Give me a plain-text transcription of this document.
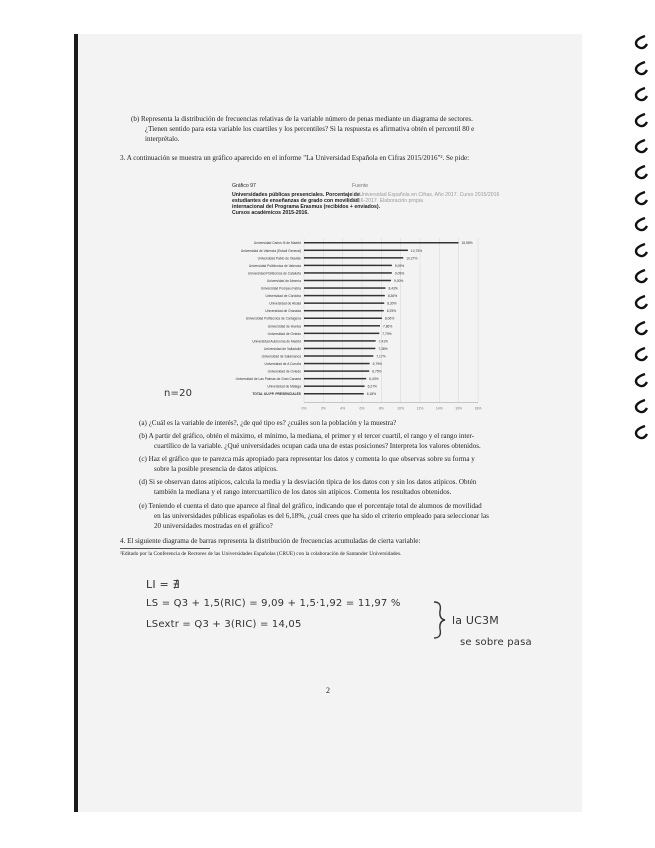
(b) Representa la distribución de frecuencias relativas de la variable número de penas mediante un diagrama de sectores.
¿Tienen sentido para esta variable los cuartiles y los percentiles? Si la respuesta es afirmativa obtén el percentil 80 e
interprétalo.
3. A continuación se muestra un gráfico aparecido en el informe "La Universidad Española en Cifras 2015/2016"². Se pide:
Gráfico 97
Universidades públicas presenciales. Porcentaje de
estudiantes de enseñanzas de grado con movilidad
internacional del Programa Erasmus (recibidos + enviados).
Cursos académicos 2015-2016.
Fuente
La Universidad Española en Cifras. Año 2017. Curso 2015/2016
2016-2017. Elaboración propia
0%	2%	4%	6%	8%	10%	12%	14%	16%	18%
Universidad Carlos III de Madrid	15,98%
Universidad de Valencia (Estudi General)	10,75%
Universidad Pablo de Olavide	10,27%
Universidad Politécnica de Valencia	9,09%
Universidad Politécnica de Cataluña	9,09%
Universidad de Almería	9,00%
Universidad Pompeu Fabra	8,43%
Universidad de Córdoba	8,36%
Universidad de Alcalá	8,30%
Universidad de Granada	8,25%
Universidad Politécnica de Cartagena	8,06%
Universidad de Huelva	7,86%
Universidad de Oviedo	7,79%
Universidad Autónoma de Madrid	7,41%
Universidad de Valladolid	7,38%
Universidad de Salamanca	7,17%
Universidad de A Coruña	6,79%
Universidad de Oviedo	6,75%
Universidad de Las Palmas de Gran Canaria	6,43%
Universidad de Málaga	6,27%
TOTAL UU.PP. PRESENCIALES	6,18%
n=20
(a) ¿Cuál es la variable de interés?, ¿de qué tipo es? ¿cuáles son la población y la muestra?
(b) A partir del gráfico, obtén el máximo, el mínimo, la mediana, el primer y el tercer cuartil, el rango y el rango inter-
cuartílico de la variable. ¿Qué universidades ocupan cada una de estas posiciones? Interpreta los valores obtenidos.
(c) Haz el gráfico que te parezca más apropiado para representar los datos y comenta lo que observas sobre su forma y
sobre la posible presencia de datos atípicos.
(d) Si se observan datos atípicos, calcula la media y la desviación típica de los datos con y sin los datos atípicos. Obtén
también la mediana y el rango intercuartílico de los datos sin atípicos. Comenta los resultados obtenidos.
(e) Teniendo el cuenta el dato que aparece al final del gráfico, indicando que el porcentaje total de alumnos de movilidad
en las universidades públicas españolas es del 6,18%, ¿cuál crees que ha sido el criterio empleado para seleccionar las
20 universidades mostradas en el gráfico?
4. El siguiente diagrama de barras representa la distribución de frecuencias acumuladas de cierta variable:
²Editado por la Conferencia de Rectores de las Universidades Españolas (CRUE) con la colaboración de Santander Universidades.
LI = ∄
LS = Q3 + 1,5(RIC) = 9,09 + 1,5·1,92 = 11,97 %
LSextr = Q3 + 3(RIC) = 14,05	la UC3M
se sobre pasa
2
